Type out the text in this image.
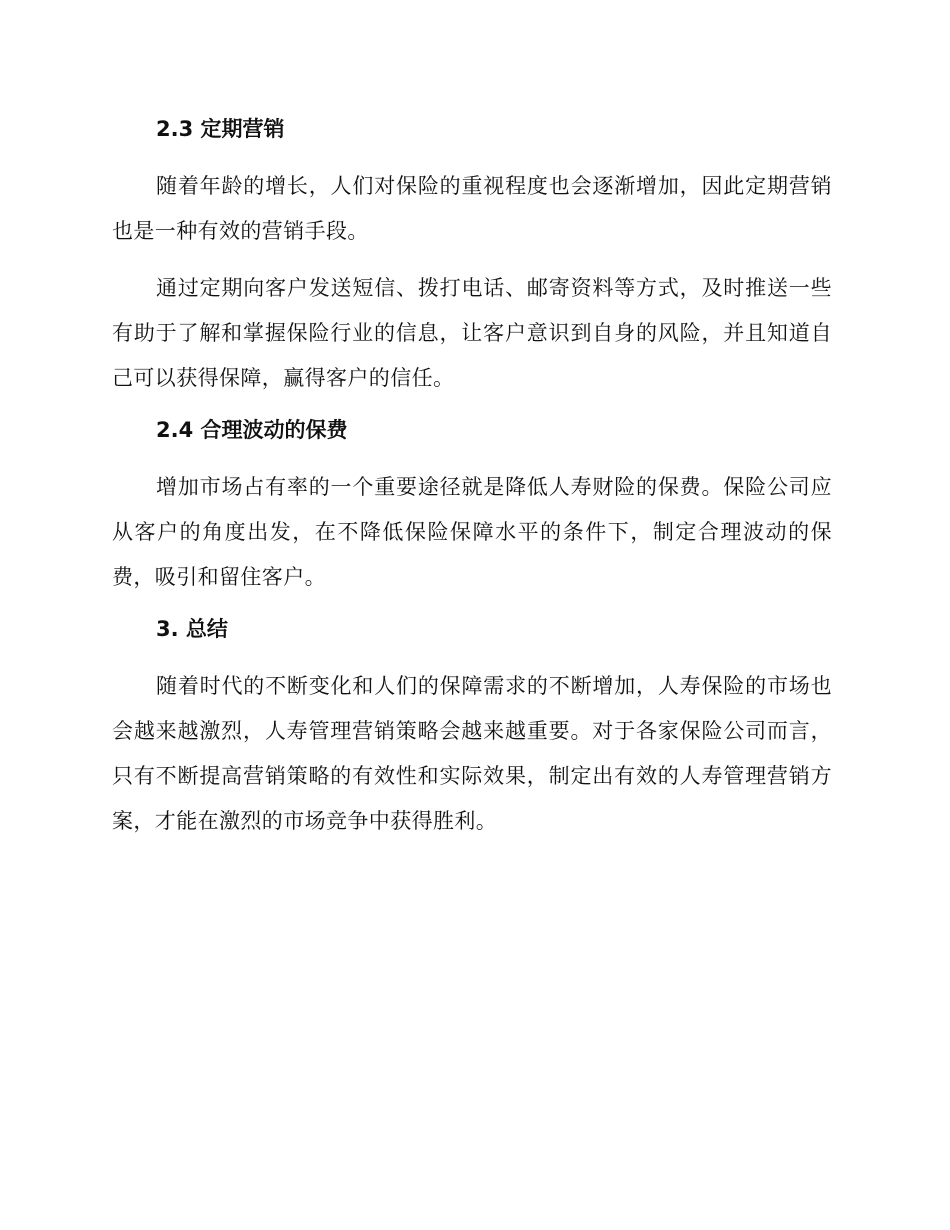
2.3 定期营销

随着年龄的增长，人们对保险的重视程度也会逐渐增加，因此定期营销也是一种有效的营销手段。

通过定期向客户发送短信、拨打电话、邮寄资料等方式，及时推送一些有助于了解和掌握保险行业的信息，让客户意识到自身的风险，并且知道自己可以获得保障，赢得客户的信任。

2.4 合理波动的保费

增加市场占有率的一个重要途径就是降低人寿财险的保费。保险公司应从客户的角度出发，在不降低保险保障水平的条件下，制定合理波动的保费，吸引和留住客户。

3. 总结

随着时代的不断变化和人们的保障需求的不断增加，人寿保险的市场也会越来越激烈，人寿管理营销策略会越来越重要。对于各家保险公司而言，只有不断提高营销策略的有效性和实际效果，制定出有效的人寿管理营销方案，才能在激烈的市场竞争中获得胜利。
